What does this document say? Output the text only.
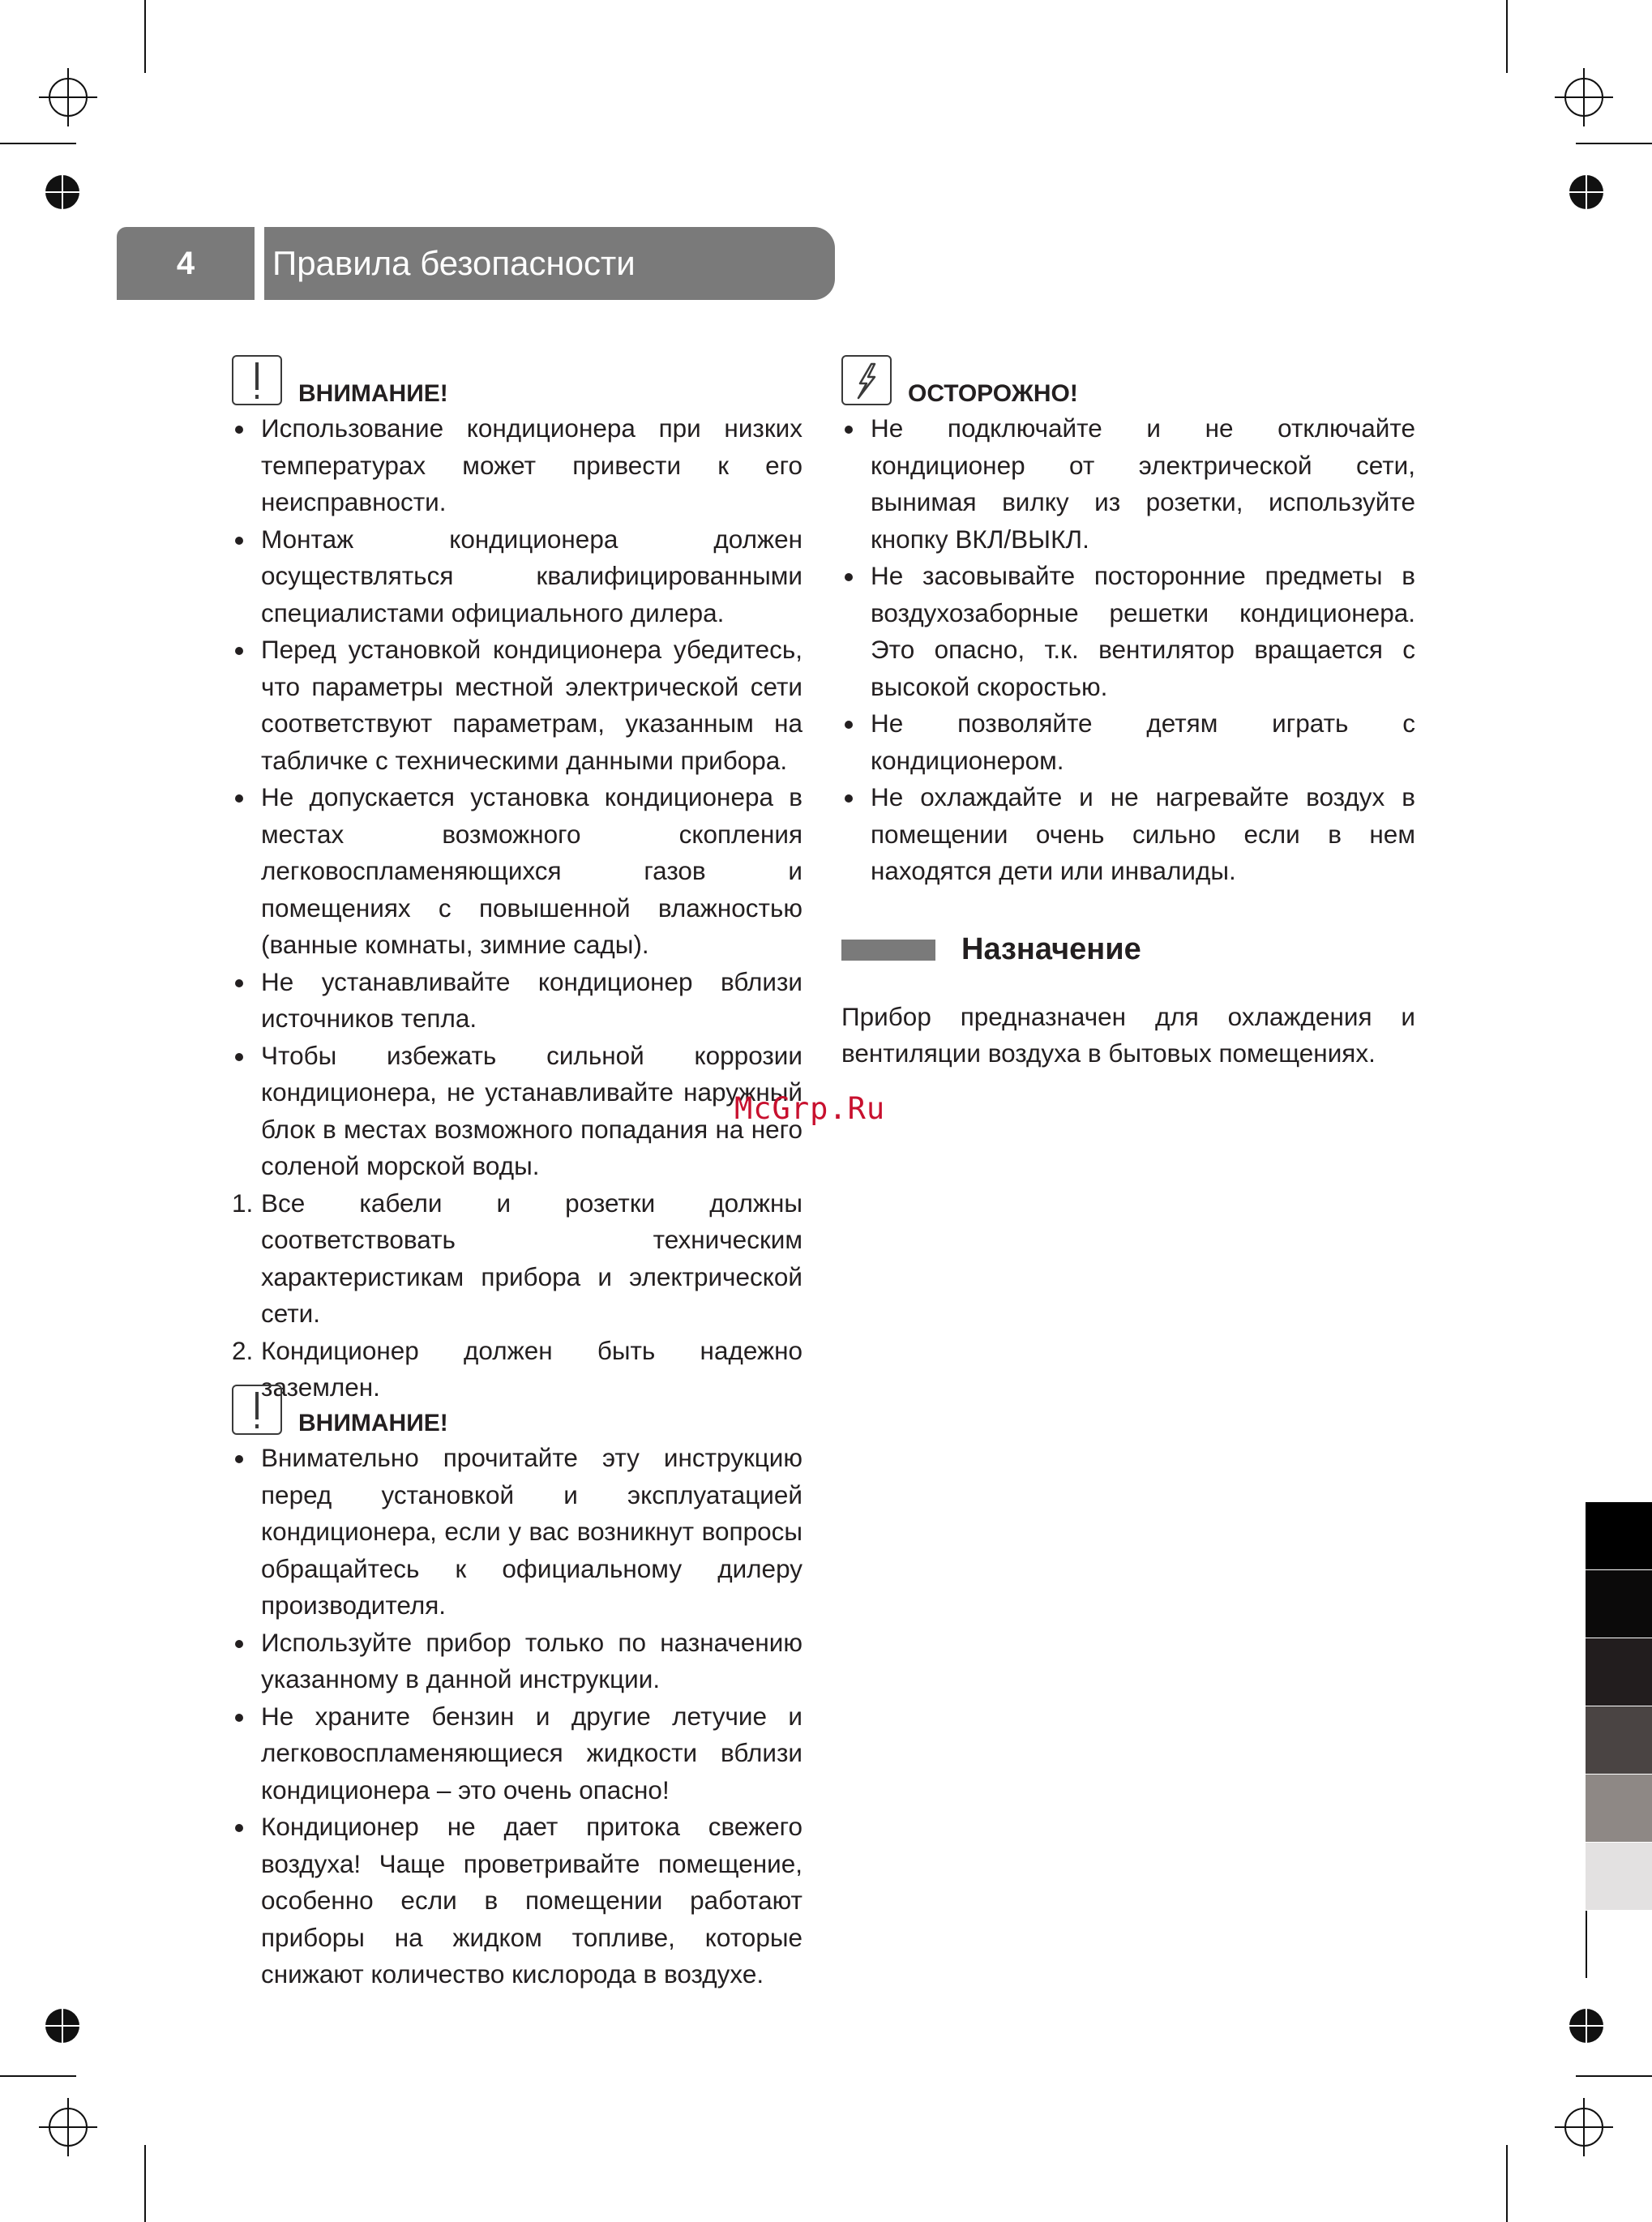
4	Правила безопасности
ВНИМАНИЕ!
Использование кондиционера при низких температурах может привести к его неисправности.
Монтаж кондиционера должен осуществляться квалифицированными специалистами официального дилера.
Перед установкой кондиционера убедитесь, что параметры местной электрической сети соответствуют параметрам, указанным на табличке с техническими данными прибора.
Не допускается установка кондиционера в местах возможного скопления легковоспламеняющихся газов и помещениях с повышенной влажностью (ванные комнаты, зимние сады).
Не устанавливайте кондиционер вблизи источников тепла.
Чтобы избежать сильной коррозии кондиционера, не устанавливайте наружный блок в местах возможного попадания на него соленой морской воды.
1. Все кабели и розетки должны соответствовать техническим характеристикам прибора и электрической сети.
2. Кондиционер должен быть надежно заземлен.
ВНИМАНИЕ!
Внимательно прочитайте эту инструкцию перед установкой и эксплуатацией кондиционера, если у вас возникнут вопросы обращайтесь к официальному дилеру производителя.
Используйте прибор только по назначению указанному в данной инструкции.
Не храните бензин и другие летучие и легковоспламеняющиеся жидкости вблизи кондиционера – это очень опасно!
Кондиционер не дает притока свежего воздуха! Чаще проветривайте помещение, особенно если в помещении работают приборы на жидком топливе, которые снижают количество кислорода в воздухе.
ОСТОРОЖНО!
Не подключайте и не отключайте кондиционер от электрической сети, вынимая вилку из розетки, используйте кнопку ВКЛ/ВЫКЛ.
Не засовывайте посторонние предметы в воздухозаборные решетки кондиционера. Это опасно, т.к. вентилятор вращается с высокой скоростью.
Не позволяйте детям играть с кондиционером.
Не охлаждайте и не нагревайте воздух в помещении очень сильно если в нем находятся дети или инвалиды.
Назначение
Прибор предназначен для охлаждения и вентиляции воздуха в бытовых помещениях.
McGrp.Ru
